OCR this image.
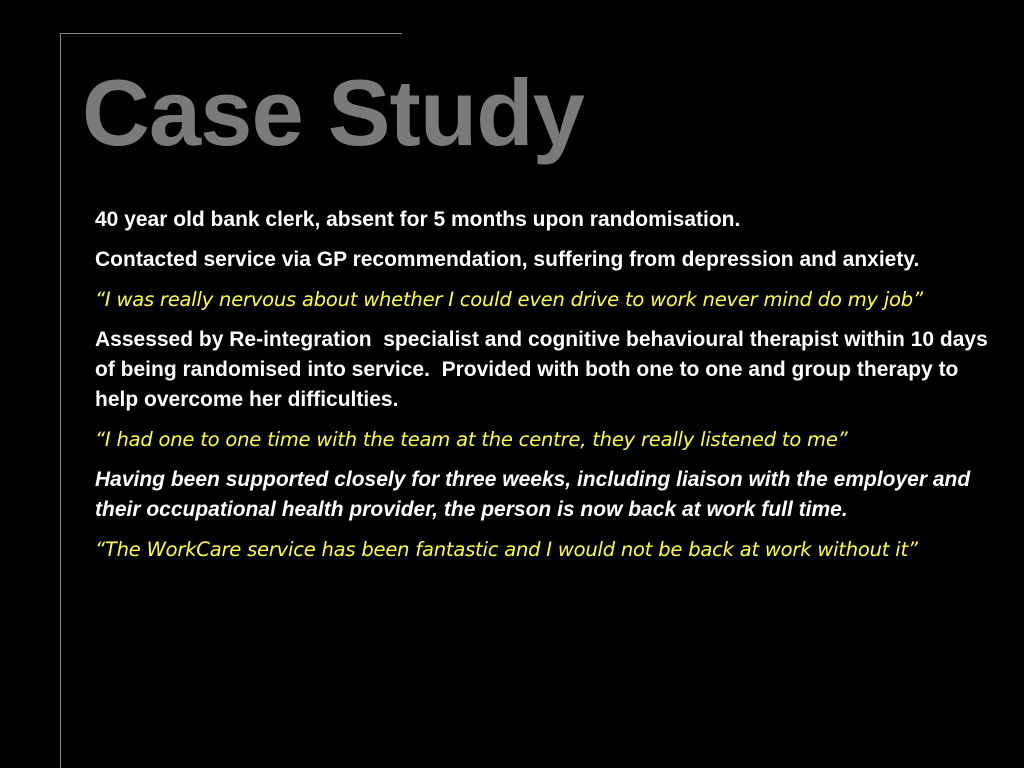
Case Study

40 year old bank clerk, absent for 5 months upon randomisation.

Contacted service via GP recommendation, suffering from depression and anxiety.

“I was really nervous about whether I could even drive to work never mind do my job”

Assessed by Re-integration  specialist and cognitive behavioural therapist within 10 days of being randomised into service.  Provided with both one to one and group therapy to help overcome her difficulties.

“I had one to one time with the team at the centre, they really listened to me”

Having been supported closely for three weeks, including liaison with the employer and their occupational health provider, the person is now back at work full time.

“The WorkCare service has been fantastic and I would not be back at work without it”
